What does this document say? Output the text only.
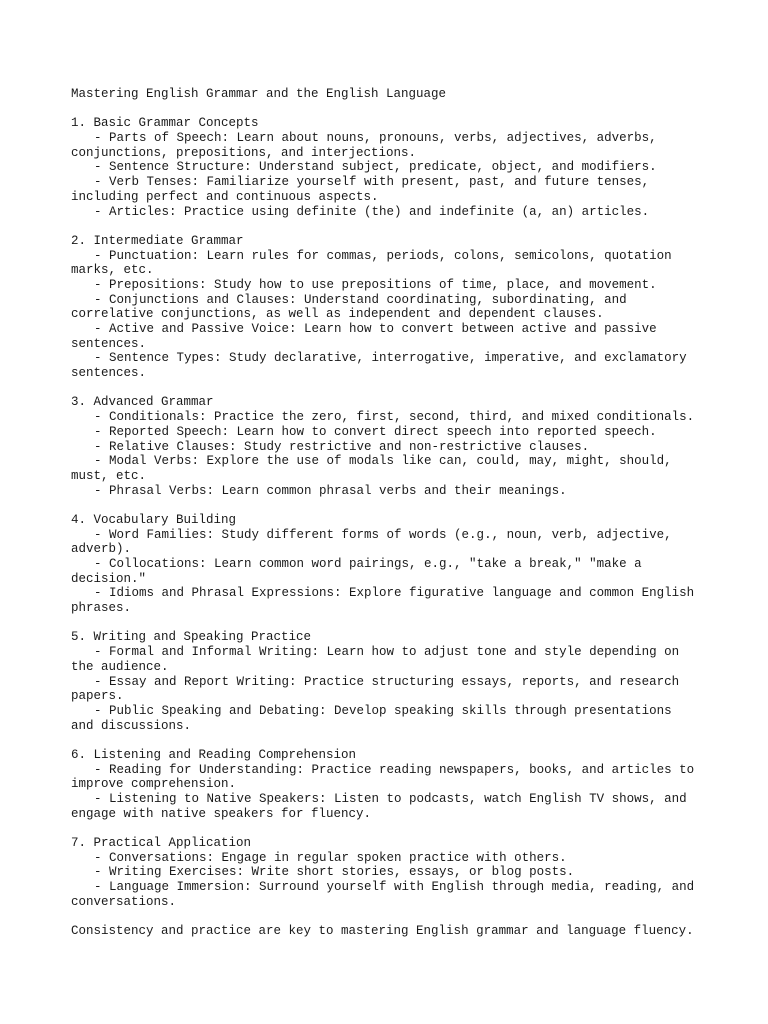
Mastering English Grammar and the English Language
1. Basic Grammar Concepts
- Parts of Speech: Learn about nouns, pronouns, verbs, adjectives, adverbs,
conjunctions, prepositions, and interjections.
- Sentence Structure: Understand subject, predicate, object, and modifiers.
- Verb Tenses: Familiarize yourself with present, past, and future tenses,
including perfect and continuous aspects.
- Articles: Practice using definite (the) and indefinite (a, an) articles.
2. Intermediate Grammar
- Punctuation: Learn rules for commas, periods, colons, semicolons, quotation
marks, etc.
- Prepositions: Study how to use prepositions of time, place, and movement.
- Conjunctions and Clauses: Understand coordinating, subordinating, and
correlative conjunctions, as well as independent and dependent clauses.
- Active and Passive Voice: Learn how to convert between active and passive
sentences.
- Sentence Types: Study declarative, interrogative, imperative, and exclamatory
sentences.
3. Advanced Grammar
- Conditionals: Practice the zero, first, second, third, and mixed conditionals.
- Reported Speech: Learn how to convert direct speech into reported speech.
- Relative Clauses: Study restrictive and non-restrictive clauses.
- Modal Verbs: Explore the use of modals like can, could, may, might, should,
must, etc.
- Phrasal Verbs: Learn common phrasal verbs and their meanings.
4. Vocabulary Building
- Word Families: Study different forms of words (e.g., noun, verb, adjective,
adverb).
- Collocations: Learn common word pairings, e.g., "take a break," "make a
decision."
- Idioms and Phrasal Expressions: Explore figurative language and common English
phrases.
5. Writing and Speaking Practice
- Formal and Informal Writing: Learn how to adjust tone and style depending on
the audience.
- Essay and Report Writing: Practice structuring essays, reports, and research
papers.
- Public Speaking and Debating: Develop speaking skills through presentations
and discussions.
6. Listening and Reading Comprehension
- Reading for Understanding: Practice reading newspapers, books, and articles to
improve comprehension.
- Listening to Native Speakers: Listen to podcasts, watch English TV shows, and
engage with native speakers for fluency.
7. Practical Application
- Conversations: Engage in regular spoken practice with others.
- Writing Exercises: Write short stories, essays, or blog posts.
- Language Immersion: Surround yourself with English through media, reading, and
conversations.
Consistency and practice are key to mastering English grammar and language fluency.
